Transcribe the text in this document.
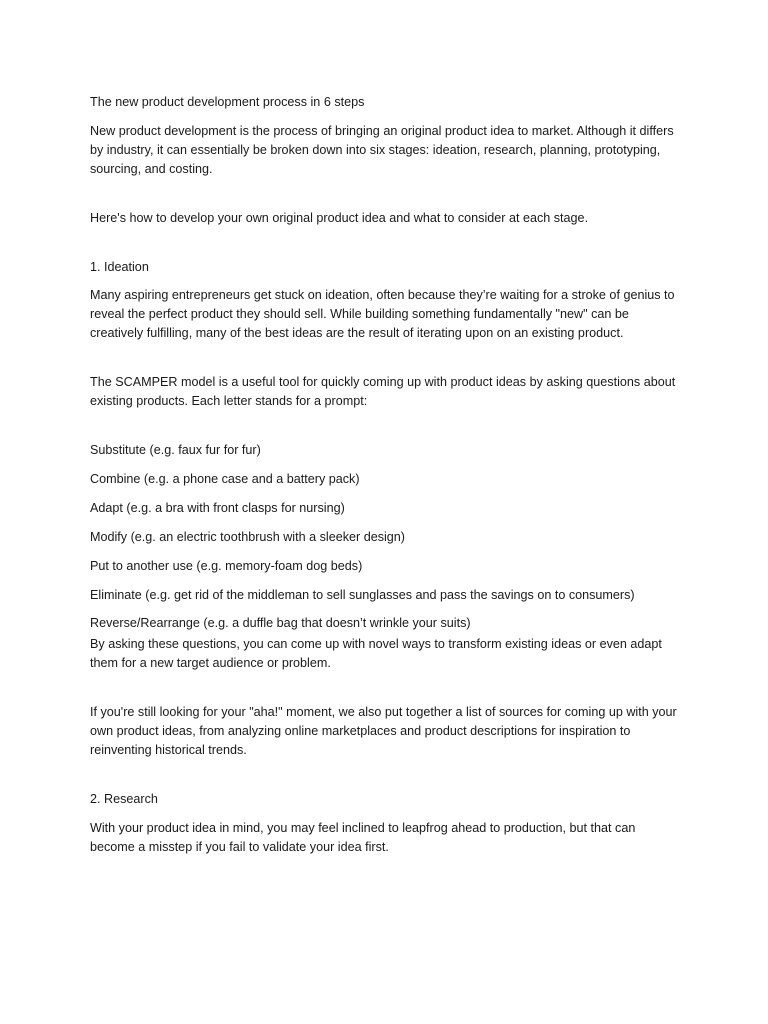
The new product development process in 6 steps

New product development is the process of bringing an original product idea to market. Although it differs by industry, it can essentially be broken down into six stages: ideation, research, planning, prototyping, sourcing, and costing.

Here's how to develop your own original product idea and what to consider at each stage.

1. Ideation

Many aspiring entrepreneurs get stuck on ideation, often because they’re waiting for a stroke of genius to reveal the perfect product they should sell. While building something fundamentally "new" can be creatively fulfilling, many of the best ideas are the result of iterating upon on an existing product.

The SCAMPER model is a useful tool for quickly coming up with product ideas by asking questions about existing products. Each letter stands for a prompt:

Substitute (e.g. faux fur for fur)

Combine (e.g. a phone case and a battery pack)

Adapt (e.g. a bra with front clasps for nursing)

Modify (e.g. an electric toothbrush with a sleeker design)

Put to another use (e.g. memory-foam dog beds)

Eliminate (e.g. get rid of the middleman to sell sunglasses and pass the savings on to consumers)

Reverse/Rearrange (e.g. a duffle bag that doesn’t wrinkle your suits)

By asking these questions, you can come up with novel ways to transform existing ideas or even adapt them for a new target audience or problem.

If you're still looking for your "aha!" moment, we also put together a list of sources for coming up with your own product ideas, from analyzing online marketplaces and product descriptions for inspiration to reinventing historical trends.

2. Research

With your product idea in mind, you may feel inclined to leapfrog ahead to production, but that can become a misstep if you fail to validate your idea first.
